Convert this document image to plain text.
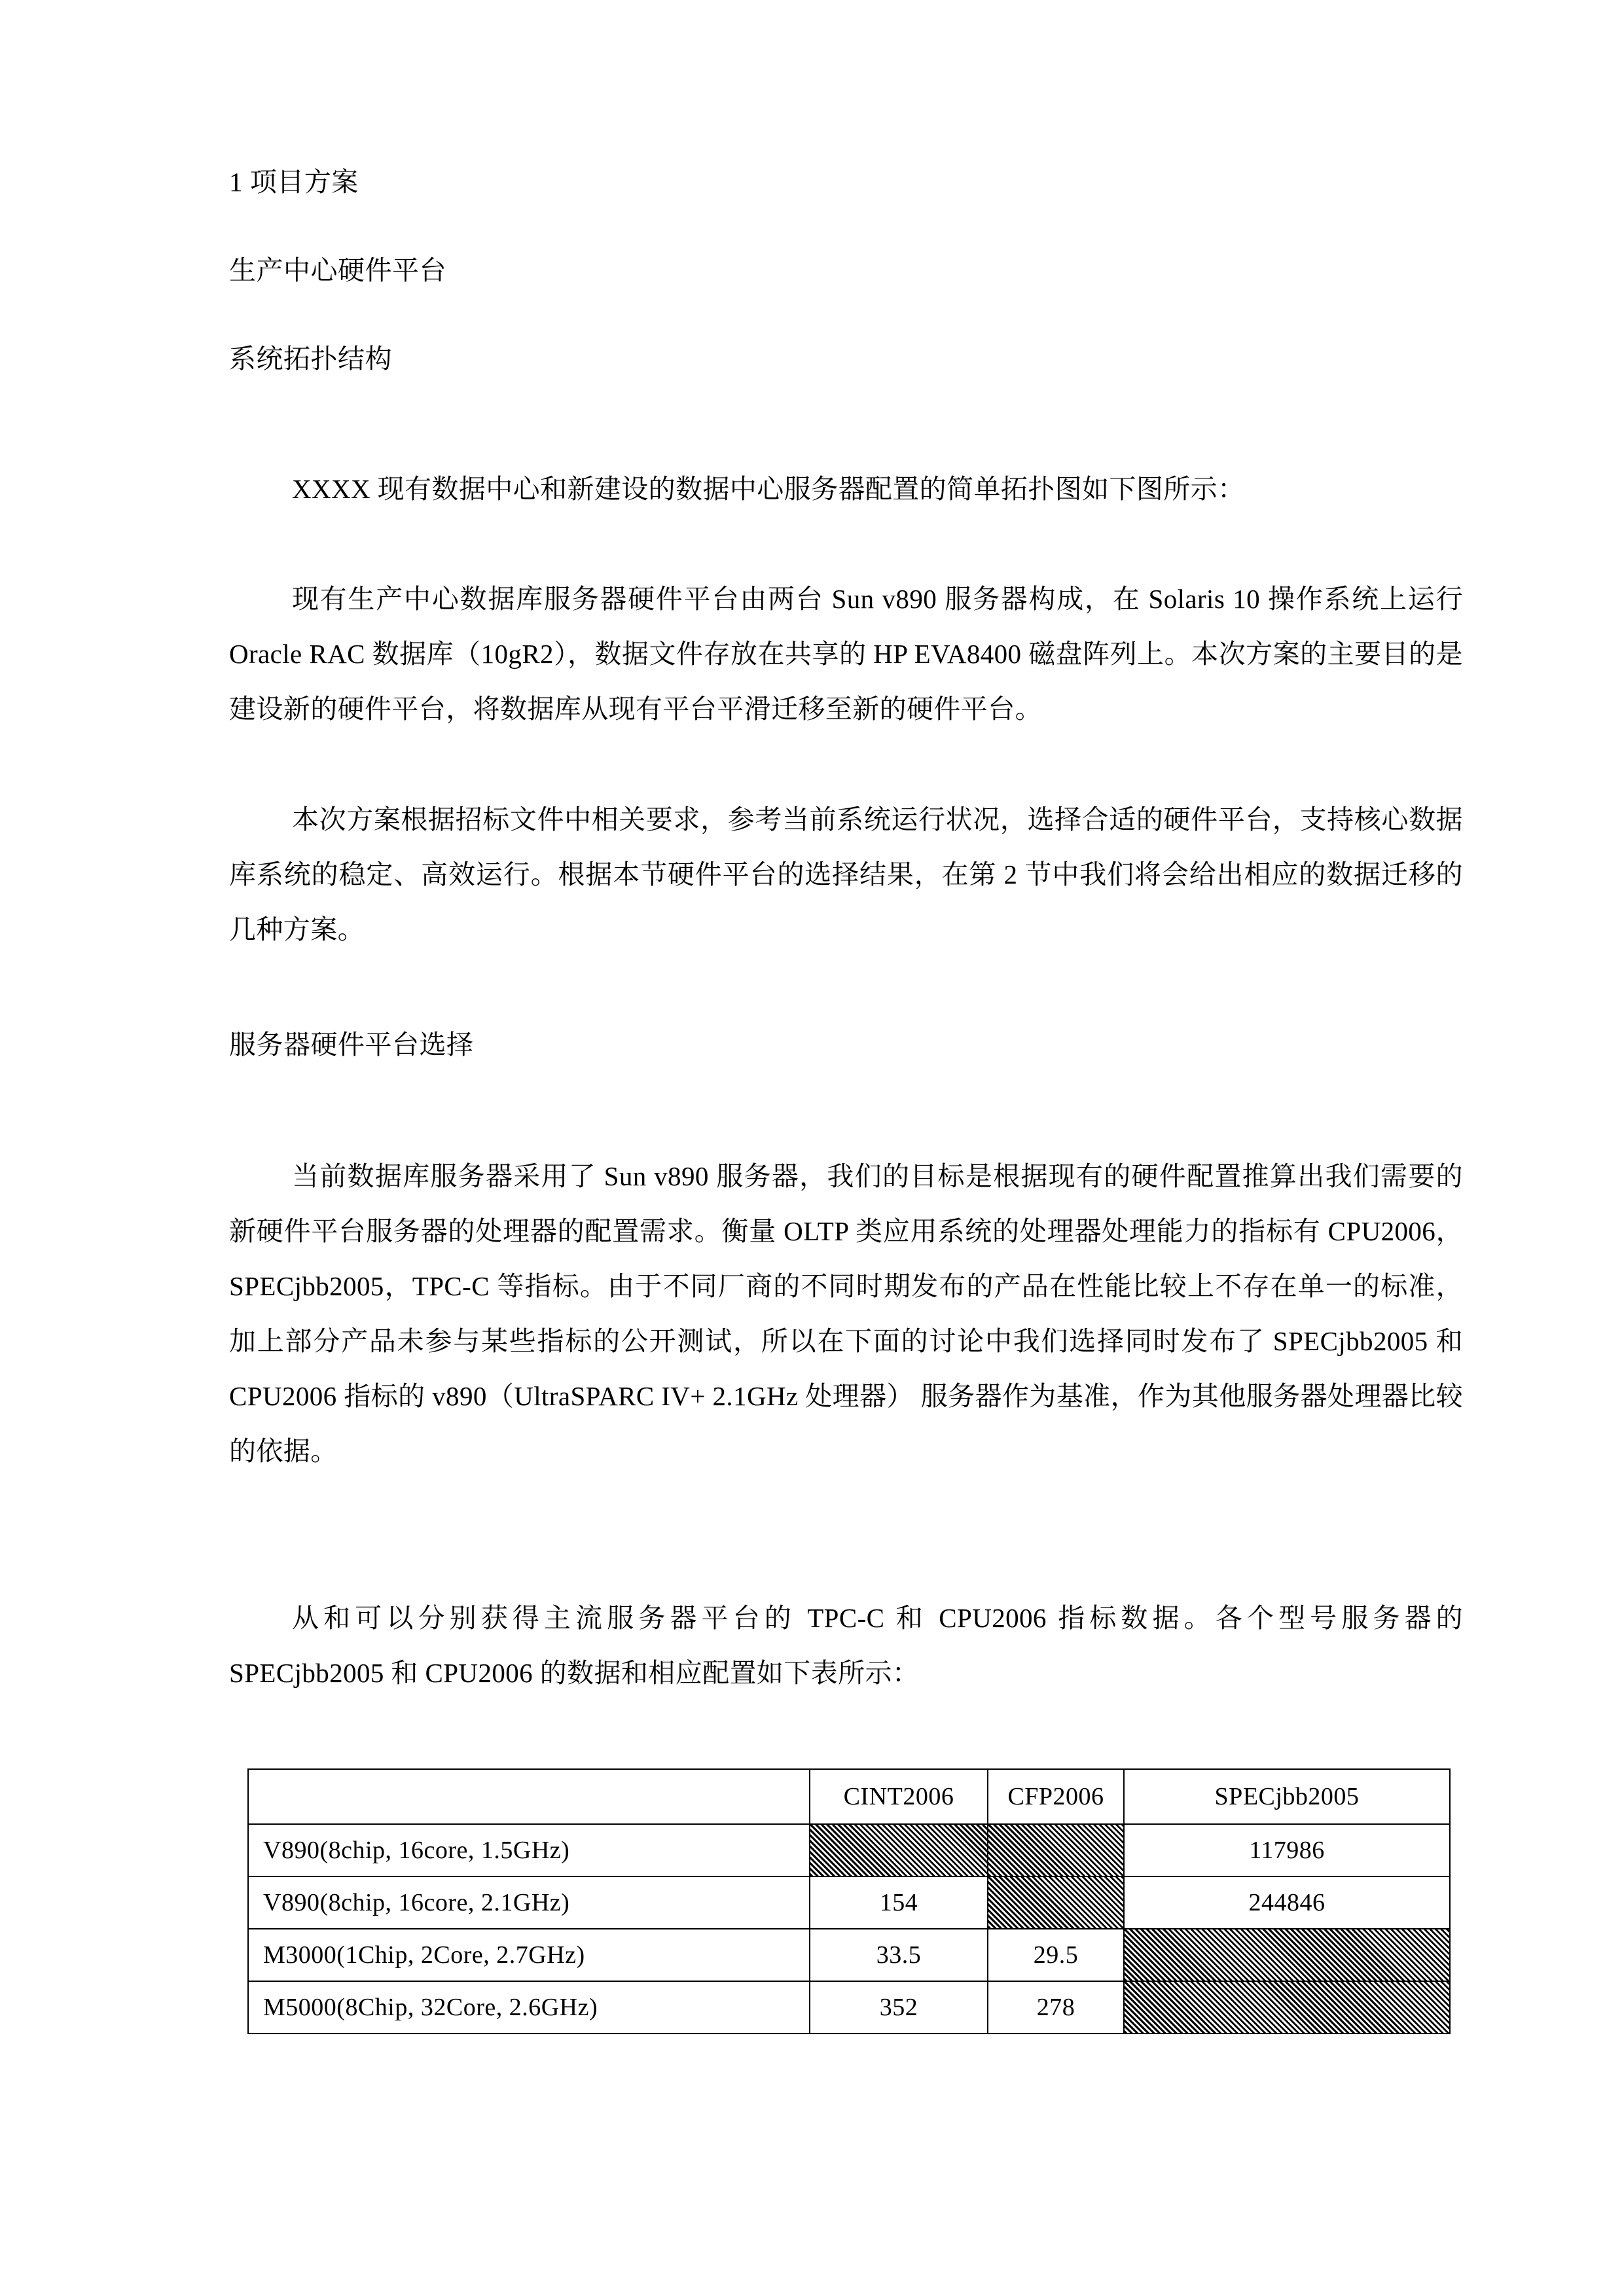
1 项目方案
生产中心硬件平台
系统拓扑结构
XXXX 现有数据中心和新建设的数据中心服务器配置的简单拓扑图如下图所示：
现有生产中心数据库服务器硬件平台由两台 Sun v890 服务器构成，在 Solaris 10 操作系统上运行 Oracle RAC 数据库（10gR2），数据文件存放在共享的 HP EVA8400 磁盘阵列上。本次方案的主要目的是建设新的硬件平台，将数据库从现有平台平滑迁移至新的硬件平台。
本次方案根据招标文件中相关要求，参考当前系统运行状况，选择合适的硬件平台，支持核心数据库系统的稳定、高效运行。根据本节硬件平台的选择结果，在第 2 节中我们将会给出相应的数据迁移的几种方案。
服务器硬件平台选择
当前数据库服务器采用了 Sun v890 服务器，我们的目标是根据现有的硬件配置推算出我们需要的新硬件平台服务器的处理器的配置需求。衡量 OLTP 类应用系统的处理器处理能力的指标有 CPU2006，SPECjbb2005，TPC-C 等指标。由于不同厂商的不同时期发布的产品在性能比较上不存在单一的标准，加上部分产品未参与某些指标的公开测试，所以在下面的讨论中我们选择同时发布了 SPECjbb2005 和 CPU2006 指标的 v890（UltraSPARC IV+ 2.1GHz 处理器） 服务器作为基准，作为其他服务器处理器比较的依据。
从和可以分别获得主流服务器平台的 TPC-C 和 CPU2006 指标数据。各个型号服务器的 SPECjbb2005 和 CPU2006 的数据和相应配置如下表所示：
	CINT2006	CFP2006	SPECjbb2005
V890(8chip, 16core, 1.5GHz)			117986
V890(8chip, 16core, 2.1GHz)	154		244846
M3000(1Chip, 2Core, 2.7GHz)	33.5	29.5	
M5000(8Chip, 32Core, 2.6GHz)	352	278	
